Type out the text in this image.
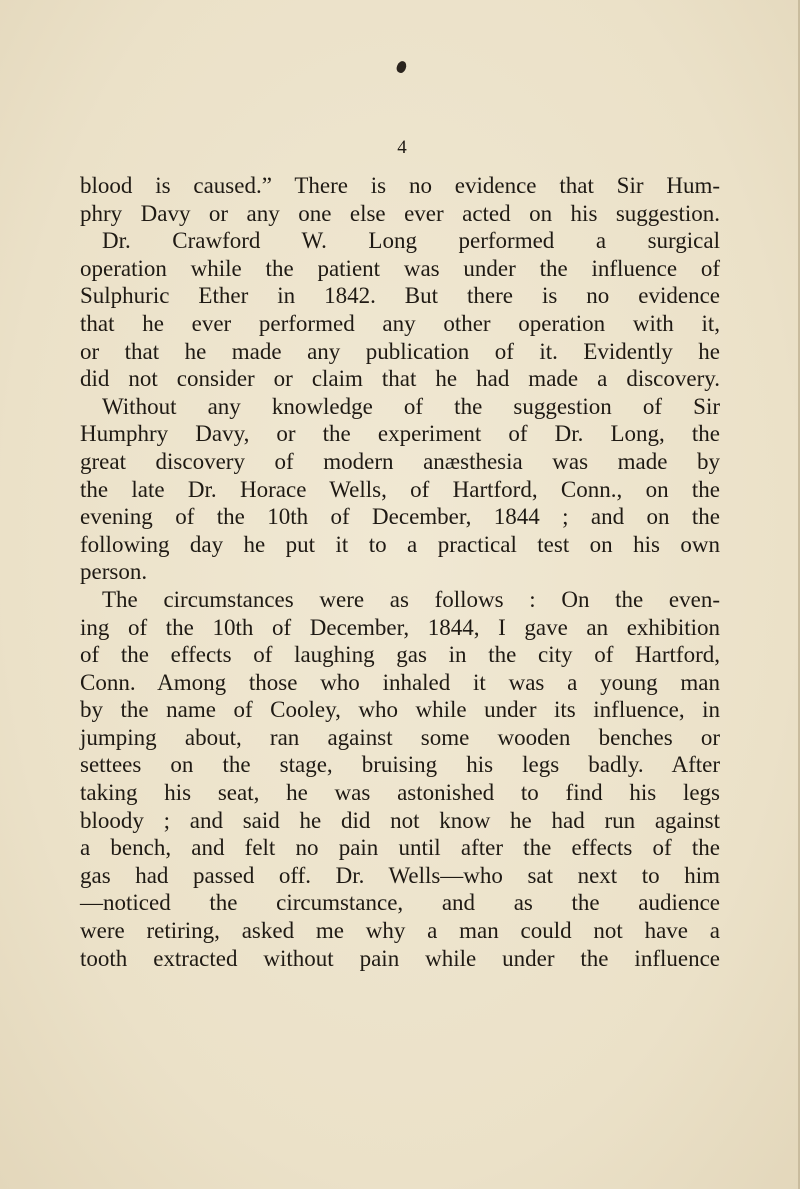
4
blood is caused.” There is no evidence that Sir Hum-
phry Davy or any one else ever acted on his suggestion.
Dr. Crawford W. Long performed a surgical
operation while the patient was under the influence of
Sulphuric Ether in 1842. But there is no evidence
that he ever performed any other operation with it,
or that he made any publication of it. Evidently he
did not consider or claim that he had made a discovery.
Without any knowledge of the suggestion of Sir
Humphry Davy, or the experiment of Dr. Long, the
great discovery of modern anæsthesia was made by
the late Dr. Horace Wells, of Hartford, Conn., on the
evening of the 10th of December, 1844 ; and on the
following day he put it to a practical test on his own
person.
The circumstances were as follows : On the even-
ing of the 10th of December, 1844, I gave an exhibition
of the effects of laughing gas in the city of Hartford,
Conn. Among those who inhaled it was a young man
by the name of Cooley, who while under its influence, in
jumping about, ran against some wooden benches or
settees on the stage, bruising his legs badly. After
taking his seat, he was astonished to find his legs
bloody ; and said he did not know he had run against
a bench, and felt no pain until after the effects of the
gas had passed off. Dr. Wells—who sat next to him
—noticed the circumstance, and as the audience
were retiring, asked me why a man could not have a
tooth extracted without pain while under the influence
